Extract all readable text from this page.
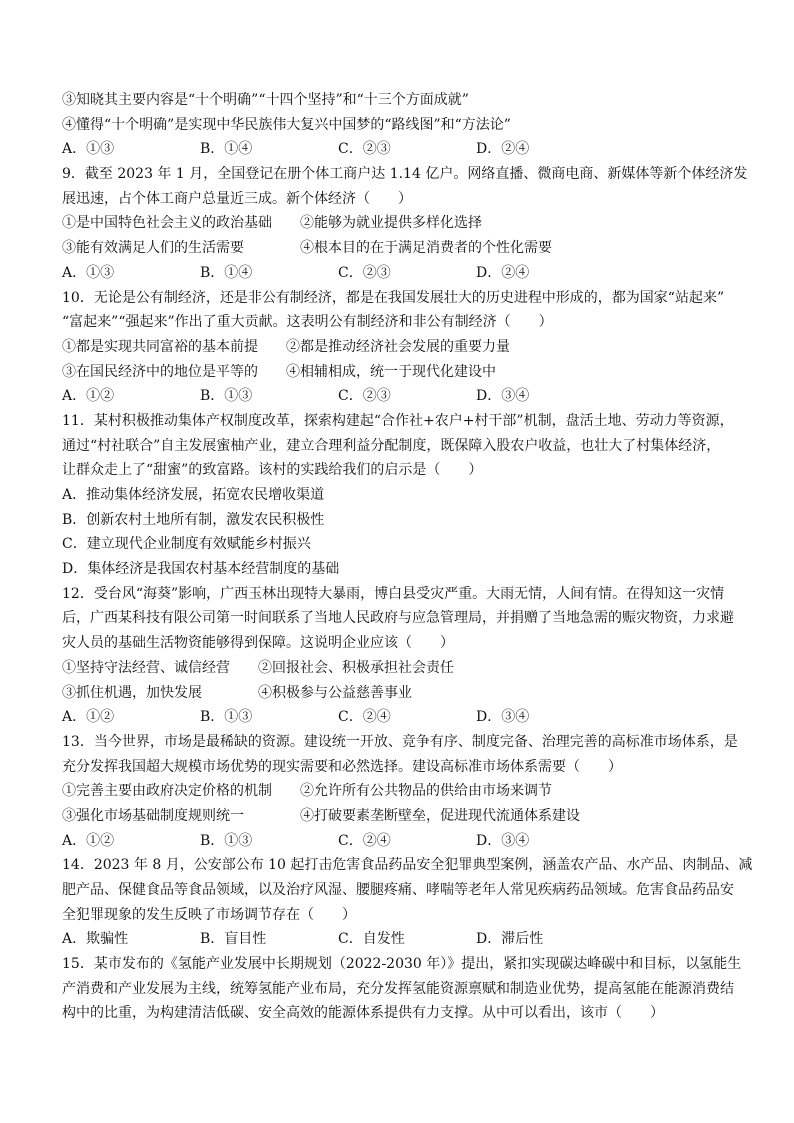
③知晓其主要内容是“十个明确”“十四个坚持”和“十三个方面成就”
④懂得“十个明确”是实现中华民族伟大复兴中国梦的“路线图”和“方法论”
A．①③	B．①④	C．②③	D．②④
9．截至 2023 年 1 月，全国登记在册个体工商户达 1.14 亿户。网络直播、微商电商、新媒体等新个体经济发
展迅速，占个体工商户总量近三成。新个体经济（　　）
①是中国特色社会主义的政治基础　　②能够为就业提供多样化选择
③能有效满足人们的生活需要　　　　④根本目的在于满足消费者的个性化需要
A．①③	B．①④	C．②③	D．②④
10．无论是公有制经济，还是非公有制经济，都是在我国发展壮大的历史进程中形成的，都为国家“站起来”
“富起来”“强起来”作出了重大贡献。这表明公有制经济和非公有制经济（　　）
①都是实现共同富裕的基本前提　　②都是推动经济社会发展的重要力量
③在国民经济中的地位是平等的　　④相辅相成，统一于现代化建设中
A．①②	B．①③	C．②③	D．③④
11．某村积极推动集体产权制度改革，探索构建起“合作社+农户+村干部”机制，盘活土地、劳动力等资源，
通过“村社联合”自主发展蜜柚产业，建立合理利益分配制度，既保障入股农户收益，也壮大了村集体经济，
让群众走上了“甜蜜”的致富路。该村的实践给我们的启示是（　　）
A．推动集体经济发展，拓宽农民增收渠道
B．创新农村土地所有制，激发农民积极性
C．建立现代企业制度有效赋能乡村振兴
D．集体经济是我国农村基本经营制度的基础
12．受台风“海葵”影响，广西玉林出现特大暴雨，博白县受灾严重。大雨无情，人间有情。在得知这一灾情
后，广西某科技有限公司第一时间联系了当地人民政府与应急管理局，并捐赠了当地急需的赈灾物资，力求避
灾人员的基础生活物资能够得到保障。这说明企业应该（　　）
①坚持守法经营、诚信经营　　②回报社会、积极承担社会责任
③抓住机遇，加快发展　　　　④积极参与公益慈善事业
A．①②	B．①③	C．②④	D．③④
13．当今世界，市场是最稀缺的资源。建设统一开放、竞争有序、制度完备、治理完善的高标准市场体系，是
充分发挥我国超大规模市场优势的现实需要和必然选择。建设高标准市场体系需要（　　）
①完善主要由政府决定价格的机制　　②允许所有公共物品的供给由市场来调节
③强化市场基础制度规则统一　　　　④打破要素垄断壁垒，促进现代流通体系建设
A．①②	B．①③	C．②④	D．③④
14．2023 年 8 月，公安部公布 10 起打击危害食品药品安全犯罪典型案例，涵盖农产品、水产品、肉制品、减
肥产品、保健食品等食品领域，以及治疗风湿、腰腿疼痛、哮喘等老年人常见疾病药品领域。危害食品药品安
全犯罪现象的发生反映了市场调节存在（　　）
A．欺骗性	B．盲目性	C．自发性	D．滞后性
15．某市发布的《氢能产业发展中长期规划（2022-2030 年）》提出，紧扣实现碳达峰碳中和目标，以氢能生
产消费和产业发展为主线，统筹氢能产业布局，充分发挥氢能资源禀赋和制造业优势，提高氢能在能源消费结
构中的比重，为构建清洁低碳、安全高效的能源体系提供有力支撑。从中可以看出，该市（　　）
